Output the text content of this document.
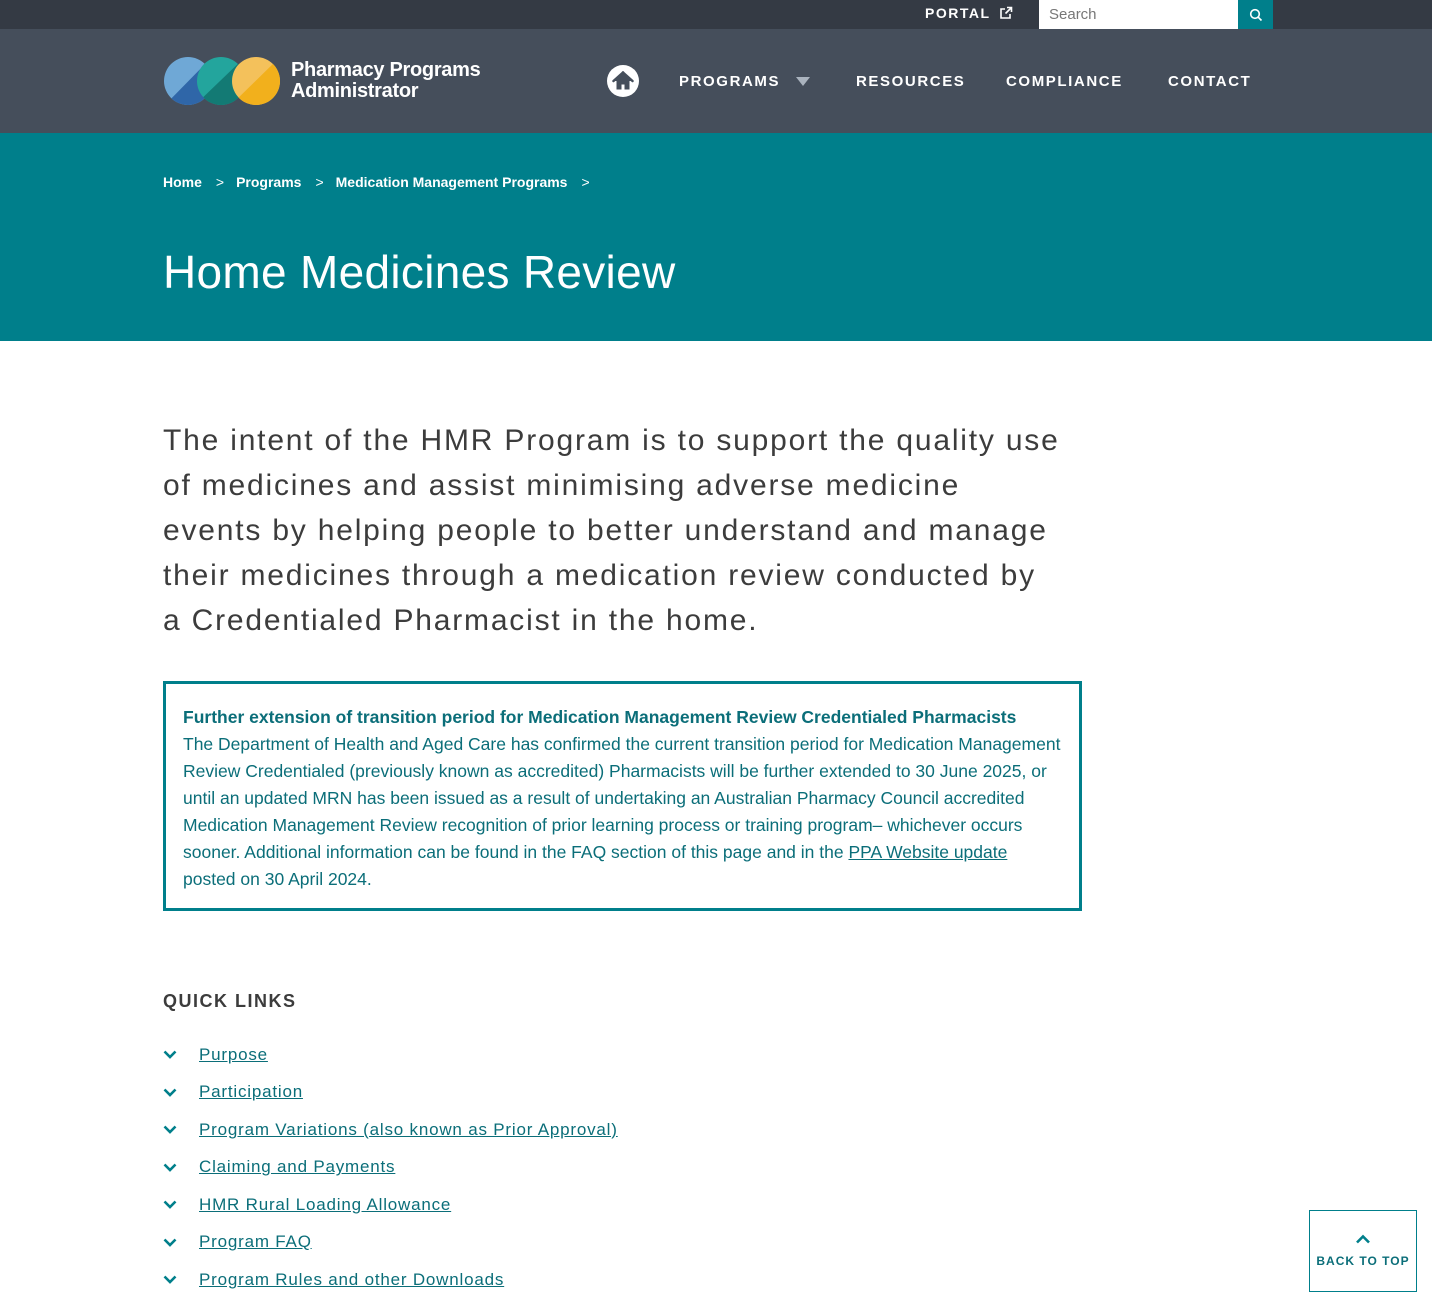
PORTAL
Search
Pharmacy Programs
Administrator	PROGRAMS	RESOURCES	COMPLIANCE	CONTACT
Home > Programs > Medication Management Programs >
Home Medicines Review

The intent of the HMR Program is to support the quality use of medicines and assist minimising adverse medicine events by helping people to better understand and manage their medicines through a medication review conducted by a Credentialed Pharmacist in the home.

Further extension of transition period for Medication Management Review Credentialed Pharmacists
The Department of Health and Aged Care has confirmed the current transition period for Medication Management Review Credentialed (previously known as accredited) Pharmacists will be further extended to 30 June 2025, or until an updated MRN has been issued as a result of undertaking an Australian Pharmacy Council accredited Medication Management Review recognition of prior learning process or training program– whichever occurs sooner. Additional information can be found in the FAQ section of this page and in the PPA Website update posted on 30 April 2024.
QUICK LINKS
Purpose
Participation
Program Variations (also known as Prior Approval)
Claiming and Payments
HMR Rural Loading Allowance
Program FAQ
Program Rules and other Downloads
BACK TO TOP
